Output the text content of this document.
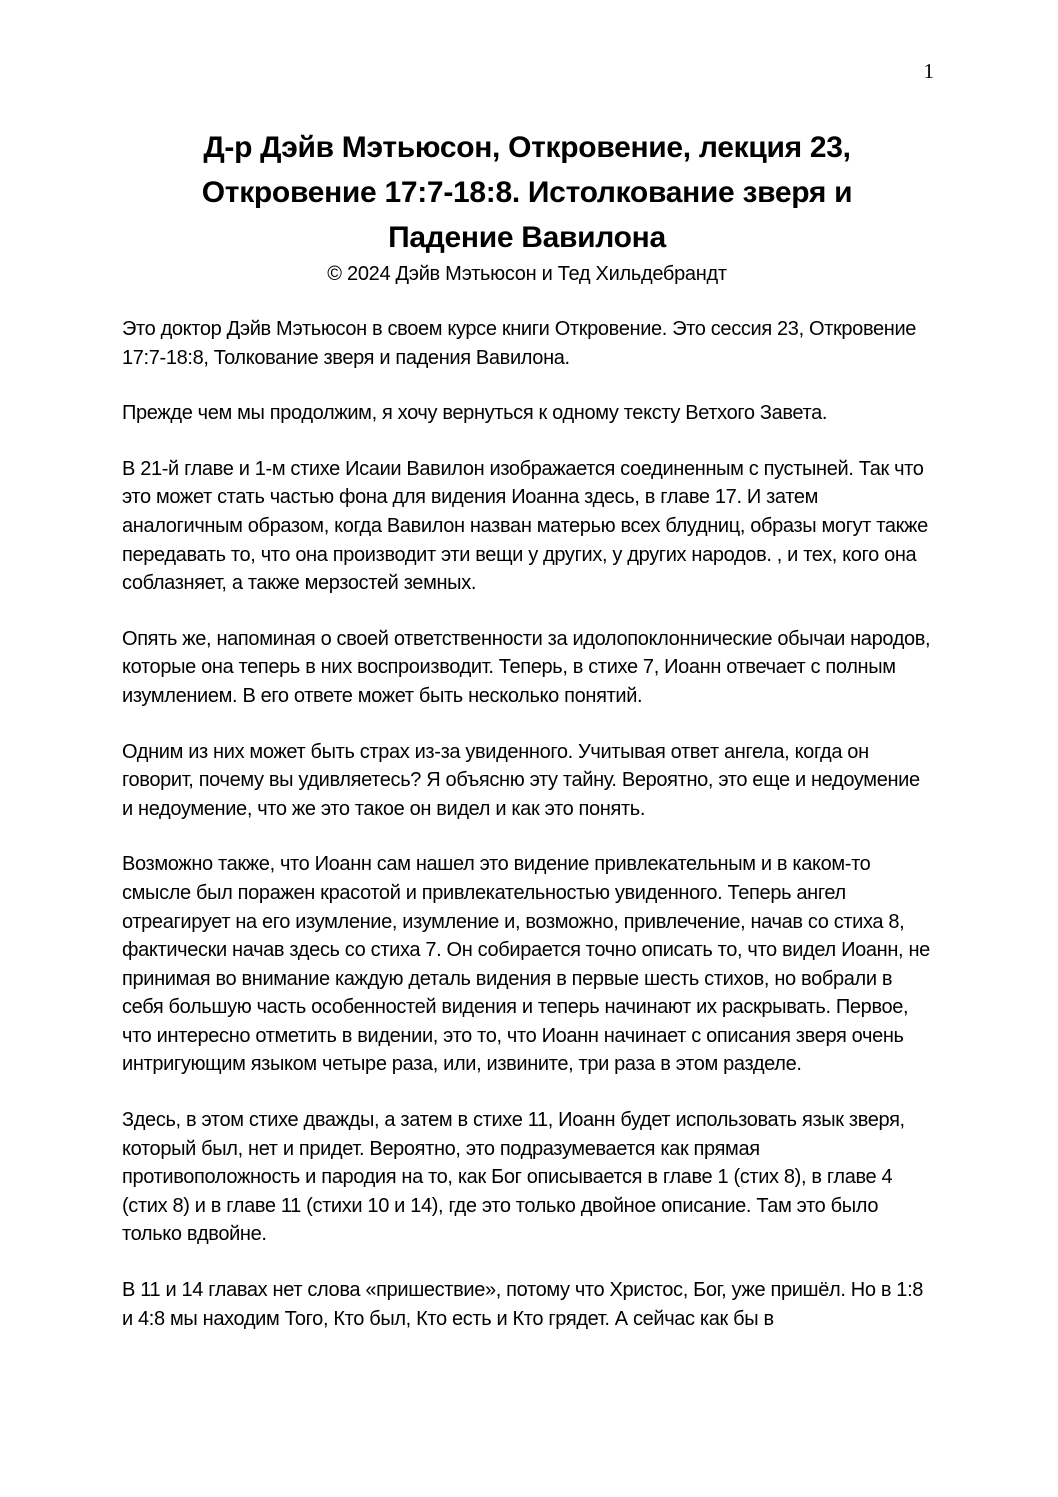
1
Д-р Дэйв Мэтьюсон, Откровение, лекция 23,
Откровение 17:7-18:8. Истолкование зверя и
Падение Вавилона
© 2024 Дэйв Мэтьюсон и Тед Хильдебрандт

Это доктор Дэйв Мэтьюсон в своем курсе книги Откровение. Это сессия 23, Откровение 17:7-18:8, Толкование зверя и падения Вавилона.

Прежде чем мы продолжим, я хочу вернуться к одному тексту Ветхого Завета.

В 21-й главе и 1-м стихе Исаии Вавилон изображается соединенным с пустыней. Так что это может стать частью фона для видения Иоанна здесь, в главе 17. И затем аналогичным образом, когда Вавилон назван матерью всех блудниц, образы могут также передавать то, что она производит эти вещи у других, у других народов. , и тех, кого она соблазняет, а также мерзостей земных.

Опять же, напоминая о своей ответственности за идолопоклоннические обычаи народов, которые она теперь в них воспроизводит. Теперь, в стихе 7, Иоанн отвечает с полным изумлением. В его ответе может быть несколько понятий.

Одним из них может быть страх из-за увиденного. Учитывая ответ ангела, когда он говорит, почему вы удивляетесь? Я объясню эту тайну. Вероятно, это еще и недоумение и недоумение, что же это такое он видел и как это понять.

Возможно также, что Иоанн сам нашел это видение привлекательным и в каком-то смысле был поражен красотой и привлекательностью увиденного. Теперь ангел отреагирует на его изумление, изумление и, возможно, привлечение, начав со стиха 8, фактически начав здесь со стиха 7. Он собирается точно описать то, что видел Иоанн, не принимая во внимание каждую деталь видения в первые шесть стихов, но вобрали в себя большую часть особенностей видения и теперь начинают их раскрывать. Первое, что интересно отметить в видении, это то, что Иоанн начинает с описания зверя очень интригующим языком четыре раза, или, извините, три раза в этом разделе.

Здесь, в этом стихе дважды, а затем в стихе 11, Иоанн будет использовать язык зверя, который был, нет и придет. Вероятно, это подразумевается как прямая противоположность и пародия на то, как Бог описывается в главе 1 (стих 8), в главе 4 (стих 8) и в главе 11 (стихи 10 и 14), где это только двойное описание. Там это было только вдвойне.

В 11 и 14 главах нет слова «пришествие», потому что Христос, Бог, уже пришёл. Но в 1:8 и 4:8 мы находим Того, Кто был, Кто есть и Кто грядет. А сейчас как бы в
